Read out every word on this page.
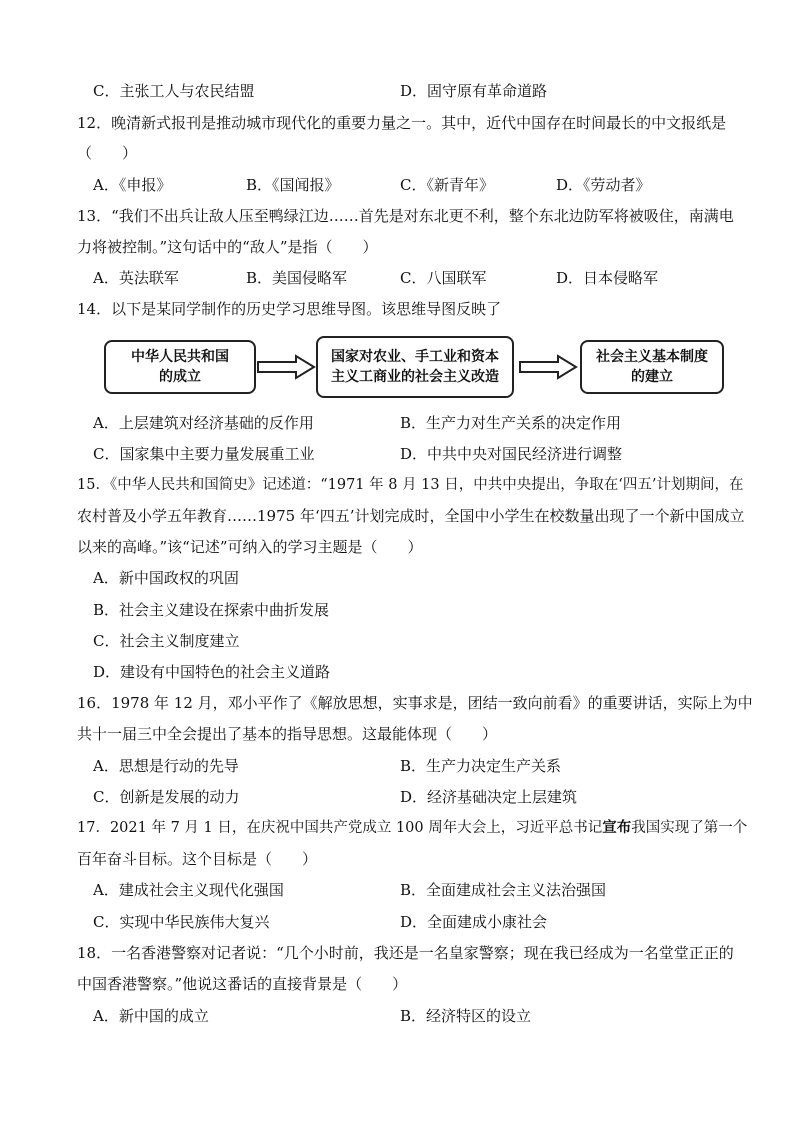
C．主张工人与农民结盟	D．固守原有革命道路
12．晚清新式报刊是推动城市现代化的重要力量之一。其中，近代中国存在时间最长的中文报纸是
（　　）
A．《申报》	B．《国闻报》	C．《新青年》	D．《劳动者》
13．“我们不出兵让敌人压至鸭绿江边……首先是对东北更不利，整个东北边防军将被吸住，南满电
力将被控制。”这句话中的“敌人”是指（　　）
A．英法联军	B．美国侵略军	C．八国联军	D．日本侵略军
14．以下是某同学制作的历史学习思维导图。该思维导图反映了
中华人民共和国
的成立
国家对农业、手工业和资本
主义工商业的社会主义改造
社会主义基本制度
的建立
A．上层建筑对经济基础的反作用	B．生产力对生产关系的决定作用
C．国家集中主要力量发展重工业	D．中共中央对国民经济进行调整
15．《中华人民共和国简史》记述道：“1971 年 8 月 13 日，中共中央提出，争取在‘四五’计划期间，在
农村普及小学五年教育……1975 年‘四五’计划完成时，全国中小学生在校数量出现了一个新中国成立
以来的高峰。”该“记述”可纳入的学习主题是（　　）
A．新中国政权的巩固
B．社会主义建设在探索中曲折发展
C．社会主义制度建立
D．建设有中国特色的社会主义道路
16．1978 年 12 月，邓小平作了《解放思想，实事求是，团结一致向前看》的重要讲话，实际上为中
共十一届三中全会提出了基本的指导思想。这最能体现（　　）
A．思想是行动的先导	B．生产力决定生产关系
C．创新是发展的动力	D．经济基础决定上层建筑
17．2021 年 7 月 1 日，在庆祝中国共产党成立 100 周年大会上，习近平总书记宣布我国实现了第一个
百年奋斗目标。这个目标是（　　）
A．建成社会主义现代化强国	B．全面建成社会主义法治强国
C．实现中华民族伟大复兴	D．全面建成小康社会
18．一名香港警察对记者说：“几个小时前，我还是一名皇家警察；现在我已经成为一名堂堂正正的
中国香港警察。”他说这番话的直接背景是（　　）
A．新中国的成立	B．经济特区的设立
